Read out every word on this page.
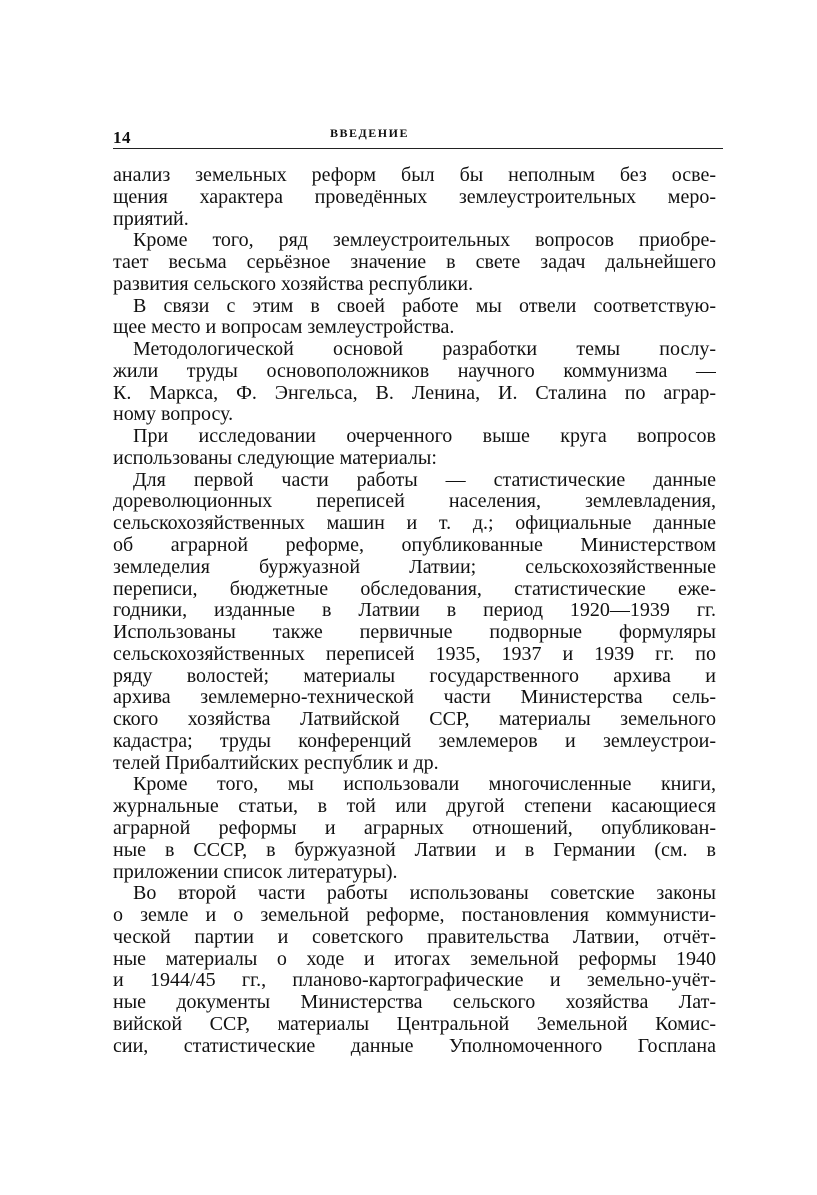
14	ВВЕДЕНИЕ
анализ земельных реформ был бы неполным без осве-
щения характера проведённых землеустроительных меро-
приятий.
Кроме того, ряд землеустроительных вопросов приобре-
тает весьма серьёзное значение в свете задач дальнейшего
развития сельского хозяйства республики.
В связи с этим в своей работе мы отвели соответствую-
щее место и вопросам землеустройства.
Методологической основой разработки темы послу-
жили труды основоположников научного коммунизма —
К. Маркса, Ф. Энгельса, В. Ленина, И. Сталина по аграр-
ному вопросу.
При исследовании очерченного выше круга вопросов
использованы следующие материалы:
Для первой части работы — статистические данные
дореволюционных переписей населения, землевладения,
сельскохозяйственных машин и т. д.; официальные данные
об аграрной реформе, опубликованные Министерством
земледелия буржуазной Латвии; сельскохозяйственные
переписи, бюджетные обследования, статистические еже-
годники, изданные в Латвии в период 1920—1939 гг.
Использованы также первичные подворные формуляры
сельскохозяйственных переписей 1935, 1937 и 1939 гг. по
ряду волостей; материалы государственного архива и
архива землемерно-технической части Министерства сель-
ского хозяйства Латвийской ССР, материалы земельного
кадастра; труды конференций землемеров и землеустрои-
телей Прибалтийских республик и др.
Кроме того, мы использовали многочисленные книги,
журнальные статьи, в той или другой степени касающиеся
аграрной реформы и аграрных отношений, опубликован-
ные в СССР, в буржуазной Латвии и в Германии (см. в
приложении список литературы).
Во второй части работы использованы советские законы
о земле и о земельной реформе, постановления коммунисти-
ческой партии и советского правительства Латвии, отчёт-
ные материалы о ходе и итогах земельной реформы 1940
и 1944/45 гг., планово-картографические и земельно-учёт-
ные документы Министерства сельского хозяйства Лат-
вийской ССР, материалы Центральной Земельной Комис-
сии, статистические данные Уполномоченного Госплана
